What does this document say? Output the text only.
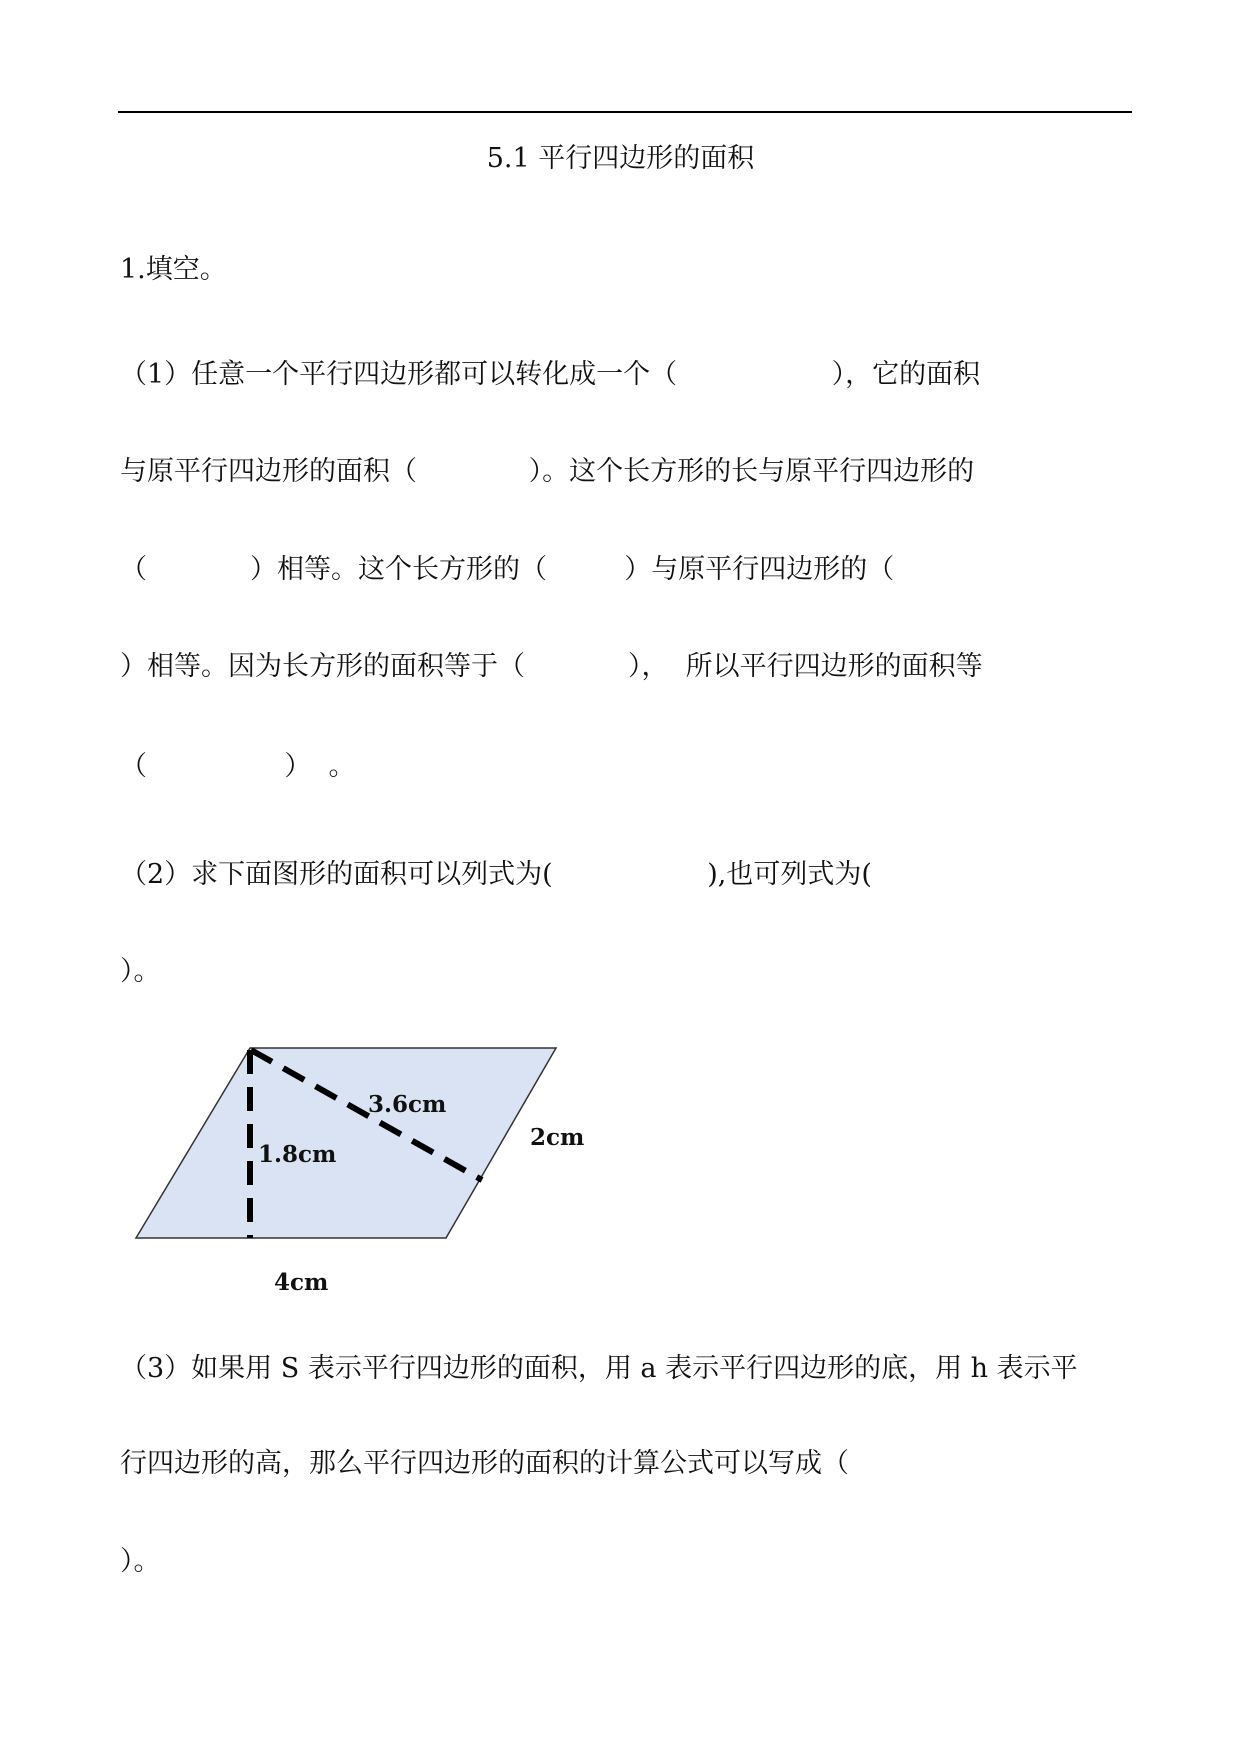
5.1 平行四边形的面积
1.填空。
（1）任意一个平行四边形都可以转化成一个（                  ），它的面积
与原平行四边形的面积（             ）。这个长方形的长与原平行四边形的
（            ）相等。这个长方形的（         ）与原平行四边形的（
）相等。因为长方形的面积等于（            ），  所以平行四边形的面积等
（                ）  。
（2）求下面图形的面积可以列式为(                  ),也可列式为(
）。
3.6cm
1.8cm
2cm
4cm
（3）如果用 S 表示平行四边形的面积，用 a 表示平行四边形的底，用 h 表示平
行四边形的高，那么平行四边形的面积的计算公式可以写成（
）。
